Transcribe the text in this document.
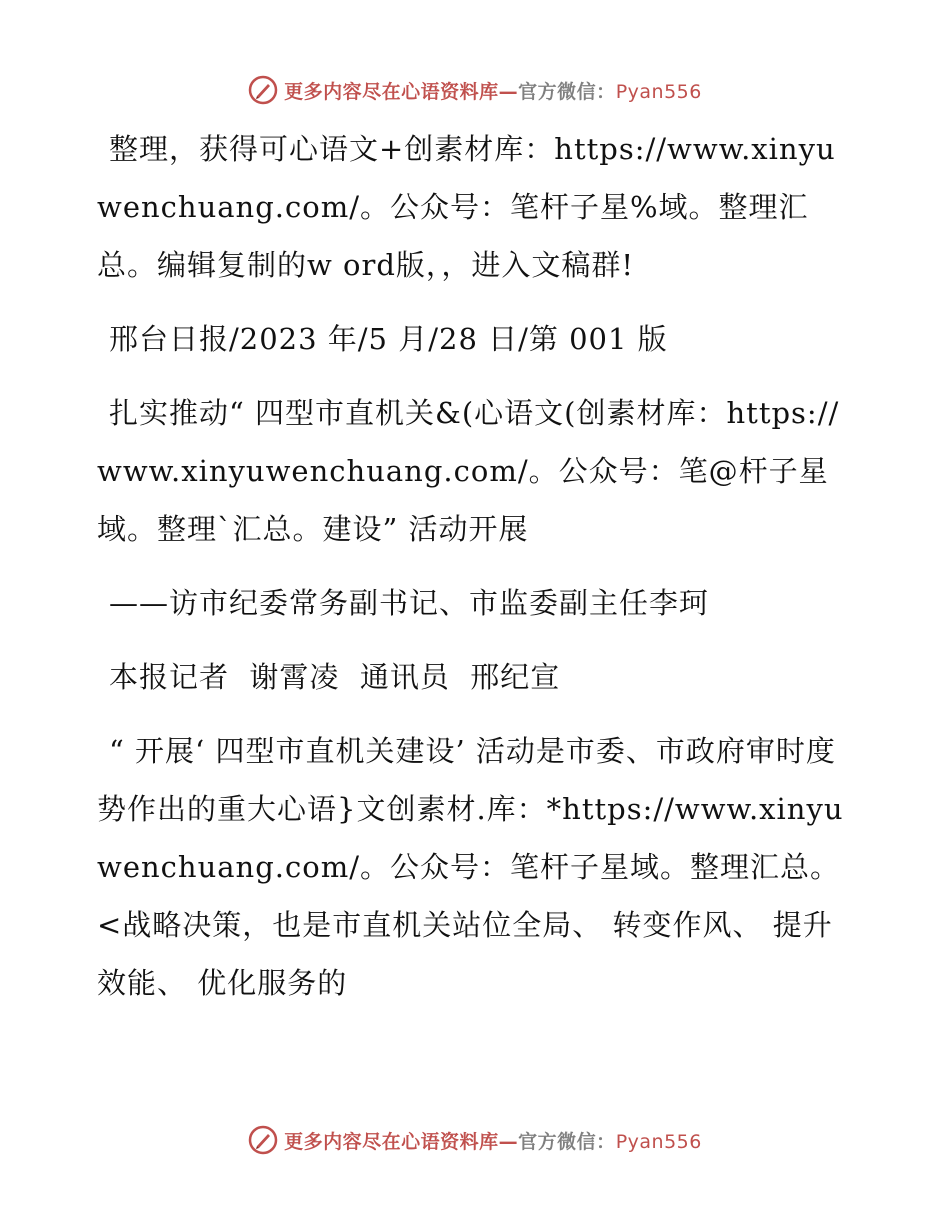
更多内容尽在心语资料库—官方微信：Pyan556

整理，获得可心语文+创素材库：https://www.xinyuwenchuang.com/。公众号：笔杆子星%域。整理汇总。编辑复制的w ord版，，进入文稿群!

邢台日报/2023 年/5 月/28 日/第 001 版

扎实推动“ 四型市直机关&(心语文(创素材库：https://www.xinyuwenchuang.com/。公众号：笔@杆子星域。整理`汇总。建设” 活动开展

——访市纪委常务副书记、市监委副主任李珂

本报记者  谢霄凌  通讯员  邢纪宣

“ 开展‘ 四型市直机关建设’ 活动是市委、市政府审时度势作出的重大心语}文创素材.库：*https://www.xinyuwenchuang.com/。公众号：笔杆子星域。整理汇总。<战略决策，也是市直机关站位全局、 转变作风、 提升效能、 优化服务的

更多内容尽在心语资料库—官方微信：Pyan556
